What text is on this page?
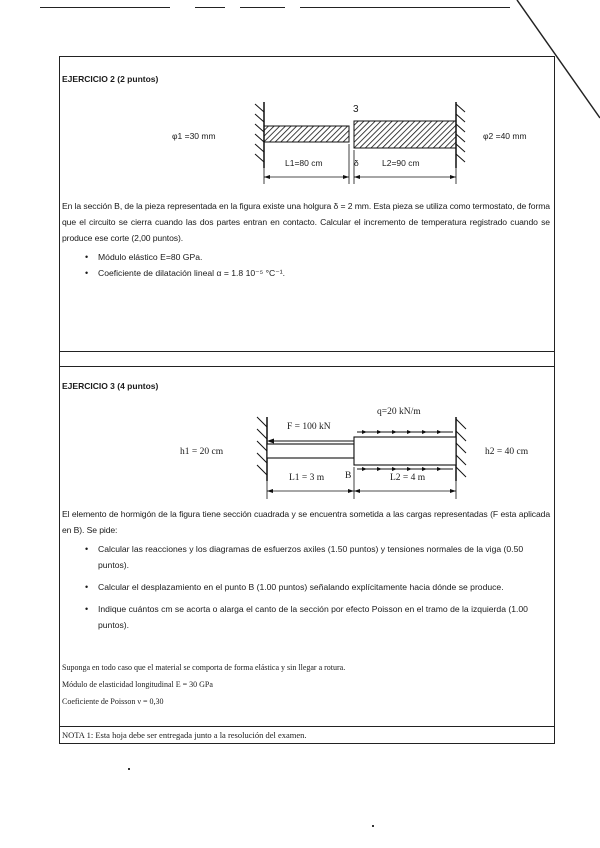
EJERCICIO 2 (2 puntos)
3
φ1 =30 mm	φ2 =40 mm
L1=80 cm	δ	L2=90 cm

En la sección B, de la pieza representada en la figura existe una holgura δ = 2 mm. Esta pieza se utiliza como termostato, de forma que el circuito se cierra cuando las dos partes entran en contacto. Calcular el incremento de temperatura registrado cuando se produce ese corte (2,00 puntos).

• Módulo elástico E=80 GPa.
• Coeficiente de dilatación lineal α = 1.8 10⁻⁵ °C⁻¹.
EJERCICIO 3 (4 puntos)
F = 100 kN
q=20 kN/m
h1 = 20 cm	h2 = 40 cm
L1 = 3 m B	L2 = 4 m

El elemento de hormigón de la figura tiene sección cuadrada y se encuentra sometida a las cargas representadas (F esta aplicada en B). Se pide:

• Calcular las reacciones y los diagramas de esfuerzos axiles (1.50 puntos) y tensiones normales de la viga (0.50 puntos).
• Calcular el desplazamiento en el punto B (1.00 puntos) señalando explícitamente hacia dónde se produce.
• Indique cuántos cm se acorta o alarga el canto de la sección por efecto Poisson en el tramo de la izquierda (1.00 puntos).
Suponga en todo caso que el material se comporta de forma elástica y sin llegar a rotura.
Módulo de elasticidad longitudinal E = 30 GPa
Coeficiente de Poisson ν = 0,30
NOTA 1: Esta hoja debe ser entregada junto a la resolución del examen.
